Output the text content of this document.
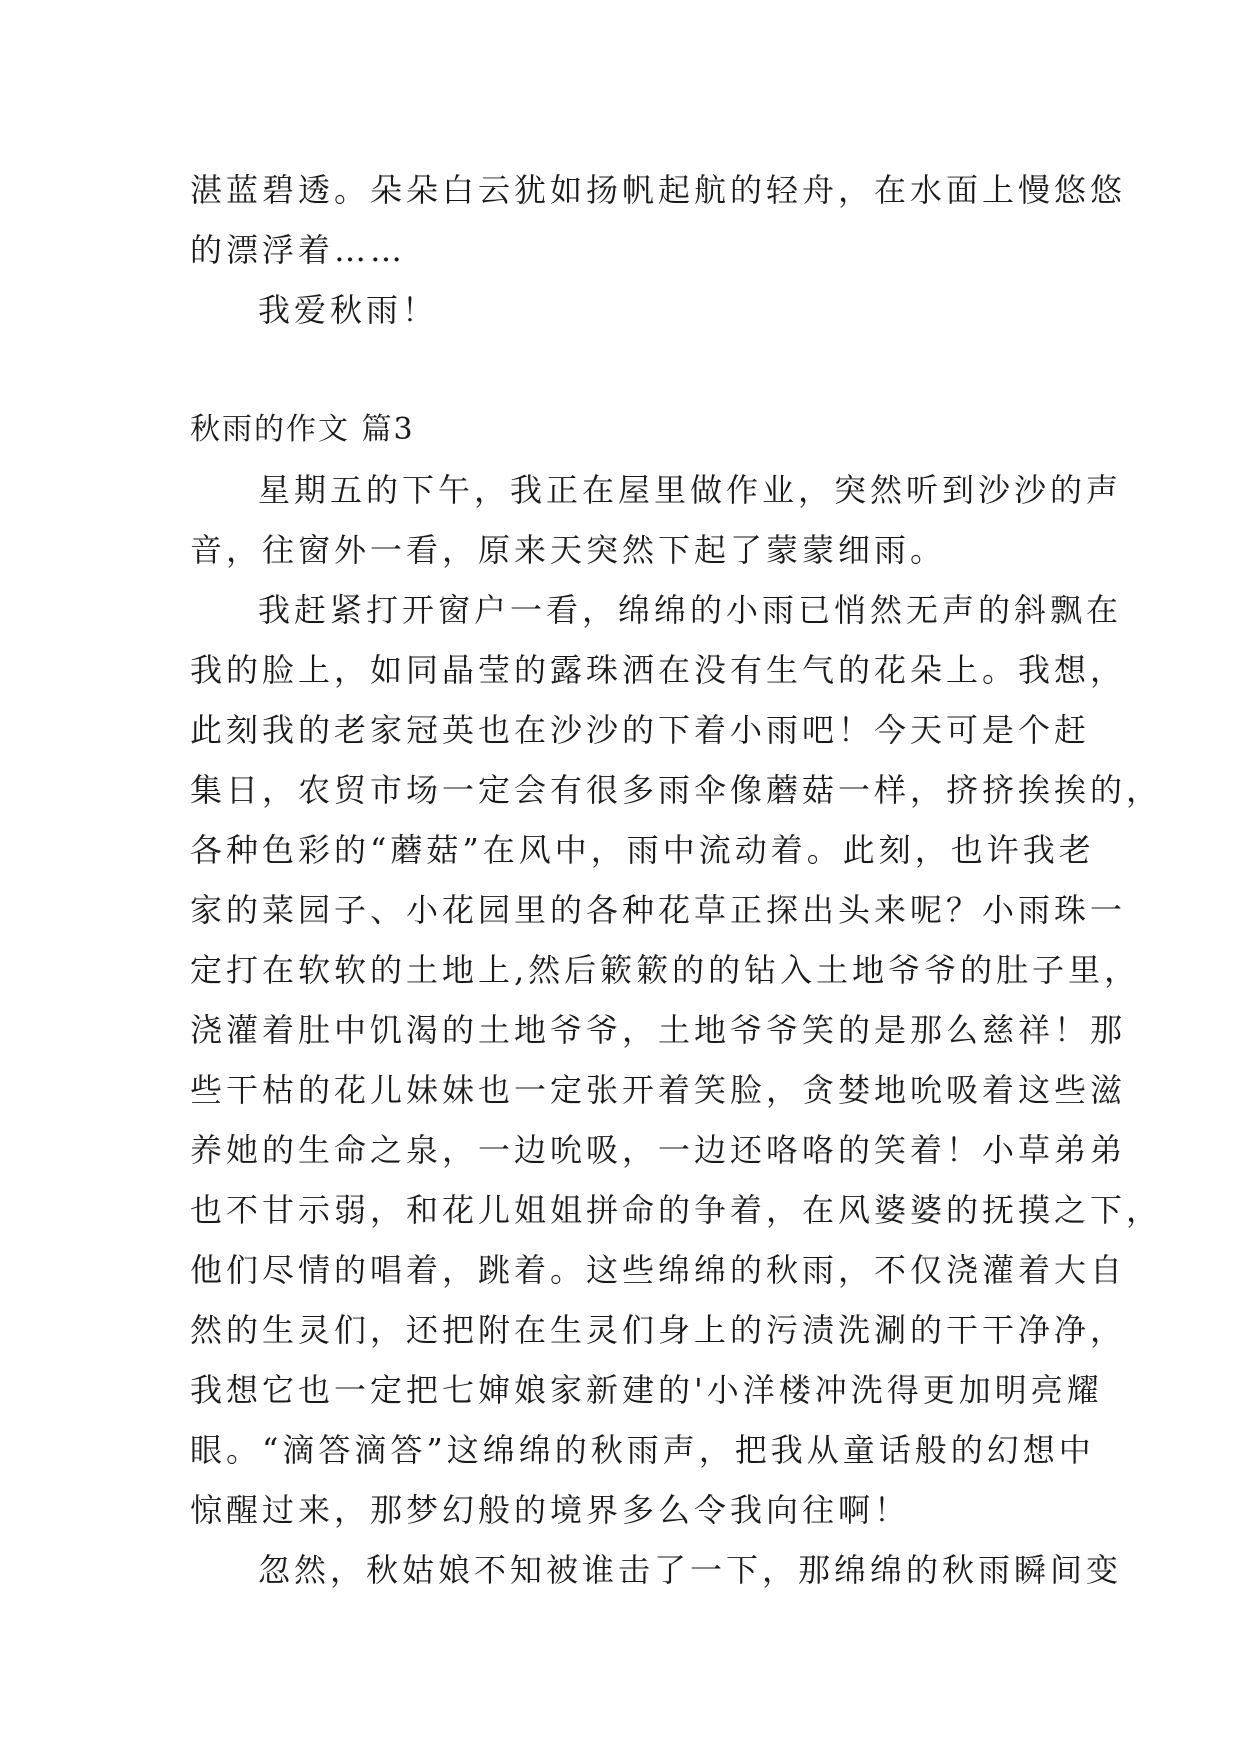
湛蓝碧透。朵朵白云犹如扬帆起航的轻舟，在水面上慢悠悠
的漂浮着……
我爱秋雨！
秋雨的作文 篇3
星期五的下午，我正在屋里做作业，突然听到沙沙的声
音，往窗外一看，原来天突然下起了蒙蒙细雨。
我赶紧打开窗户一看，绵绵的小雨已悄然无声的斜飘在
我的脸上，如同晶莹的露珠洒在没有生气的花朵上。我想，
此刻我的老家冠英也在沙沙的下着小雨吧！今天可是个赶
集日，农贸市场一定会有很多雨伞像蘑菇一样，挤挤挨挨的，
各种色彩的“蘑菇”在风中，雨中流动着。此刻，也许我老
家的菜园子、小花园里的各种花草正探出头来呢？小雨珠一
定打在软软的土地上,然后簌簌的的钻入土地爷爷的肚子里，
浇灌着肚中饥渴的土地爷爷，土地爷爷笑的是那么慈祥！那
些干枯的花儿妹妹也一定张开着笑脸，贪婪地吮吸着这些滋
养她的生命之泉，一边吮吸，一边还咯咯的笑着！小草弟弟
也不甘示弱，和花儿姐姐拼命的争着，在风婆婆的抚摸之下，
他们尽情的唱着，跳着。这些绵绵的秋雨，不仅浇灌着大自
然的生灵们，还把附在生灵们身上的污渍洗涮的干干净净，
我想它也一定把七婶娘家新建的'小洋楼冲洗得更加明亮耀
眼。“滴答滴答”这绵绵的秋雨声，把我从童话般的幻想中
惊醒过来，那梦幻般的境界多么令我向往啊！
忽然，秋姑娘不知被谁击了一下，那绵绵的秋雨瞬间变
